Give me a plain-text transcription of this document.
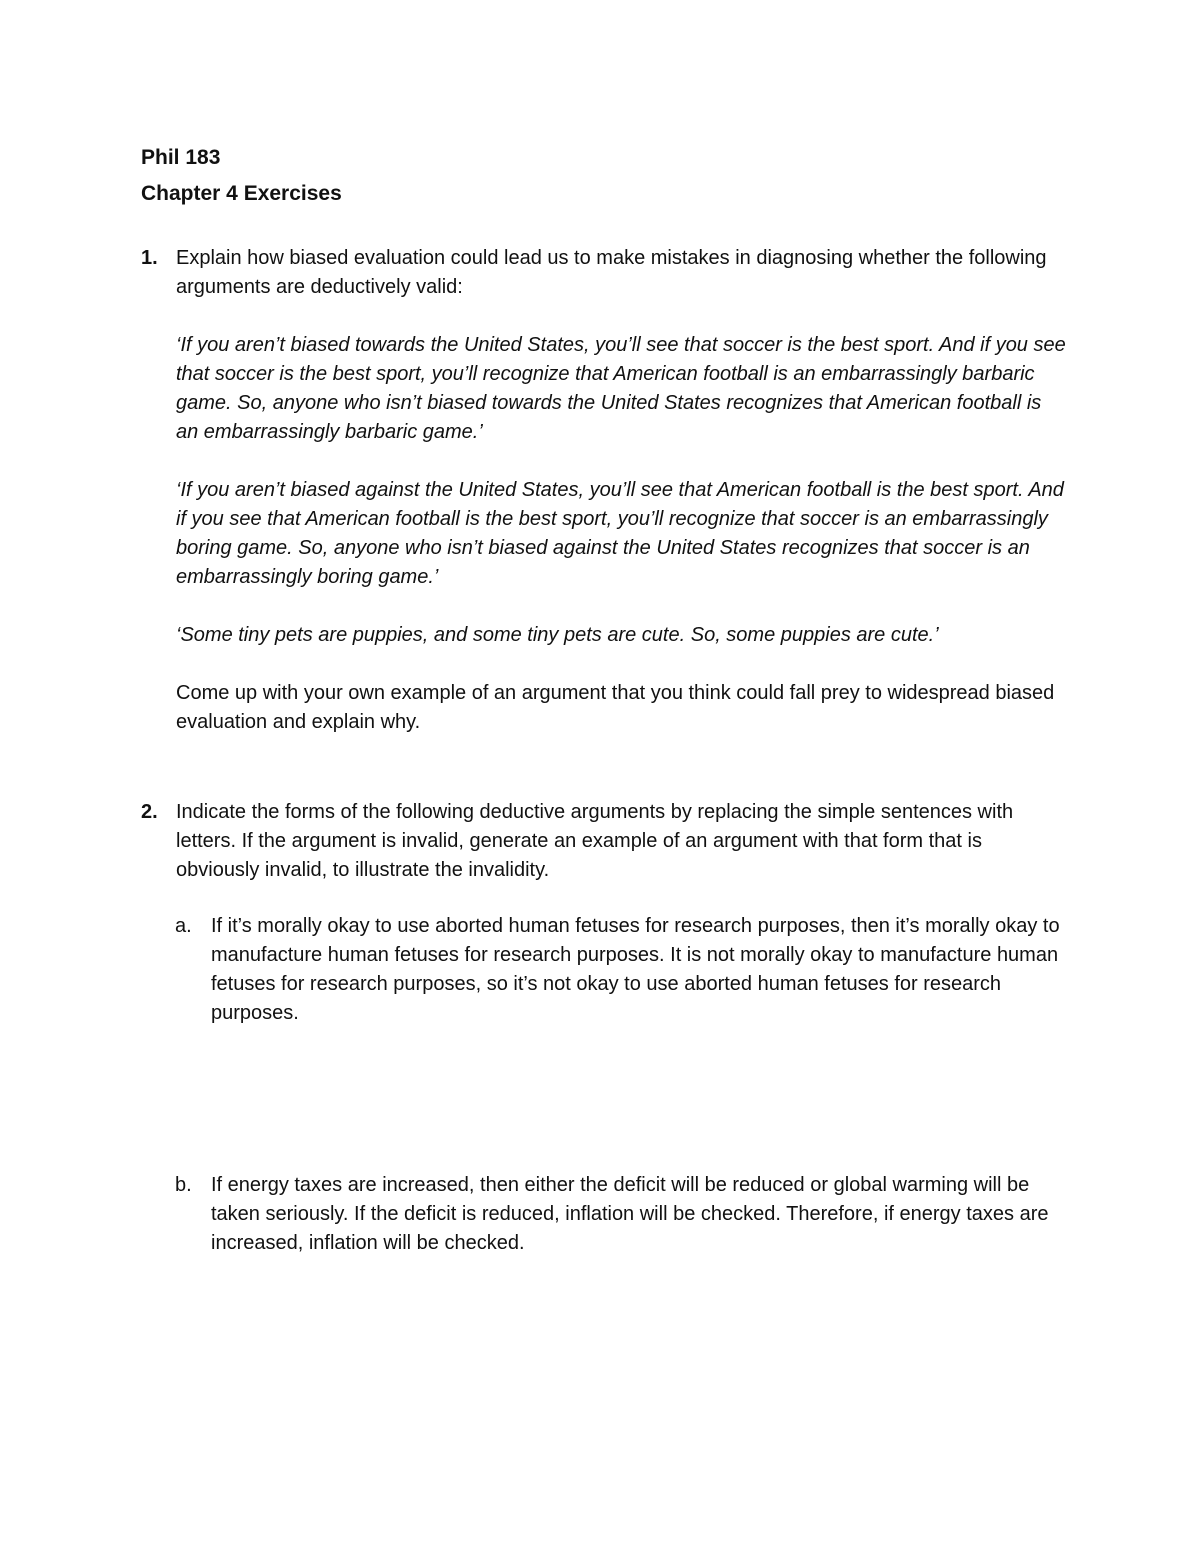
Phil 183

Chapter 4 Exercises

1. Explain how biased evaluation could lead us to make mistakes in diagnosing whether the following arguments are deductively valid:

‘If you aren’t biased towards the United States, you’ll see that soccer is the best sport. And if you see that soccer is the best sport, you’ll recognize that American football is an embarrassingly barbaric game. So, anyone who isn’t biased towards the United States recognizes that American football is an embarrassingly barbaric game.’

‘If you aren’t biased against the United States, you’ll see that American football is the best sport. And if you see that American football is the best sport, you’ll recognize that soccer is an embarrassingly boring game. So, anyone who isn’t biased against the United States recognizes that soccer is an embarrassingly boring game.’

‘Some tiny pets are puppies, and some tiny pets are cute. So, some puppies are cute.’

Come up with your own example of an argument that you think could fall prey to widespread biased evaluation and explain why.

2. Indicate the forms of the following deductive arguments by replacing the simple sentences with letters. If the argument is invalid, generate an example of an argument with that form that is obviously invalid, to illustrate the invalidity.

a. If it’s morally okay to use aborted human fetuses for research purposes, then it’s morally okay to manufacture human fetuses for research purposes. It is not morally okay to manufacture human fetuses for research purposes, so it’s not okay to use aborted human fetuses for research purposes.

b. If energy taxes are increased, then either the deficit will be reduced or global warming will be taken seriously. If the deficit is reduced, inflation will be checked. Therefore, if energy taxes are increased, inflation will be checked.
